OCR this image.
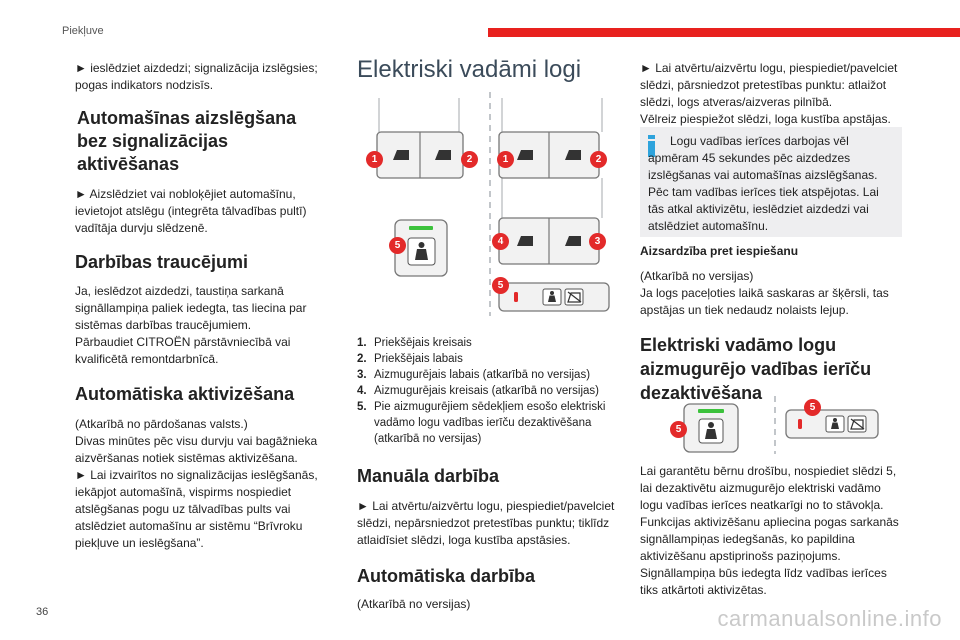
Piekļuve

► ieslēdziet aizdedzi; signalizācija izslēgsies; pogas indikators nodzisīs.

Automašīnas aizslēgšana bez signalizācijas aktivēšanas

► Aizslēdziet vai nobloķējiet automašīnu, ievietojot atslēgu (integrēta tālvadības pultī) vadītāja durvju slēdzenē.

Darbības traucējumi

Ja, ieslēdzot aizdedzi, taustiņa sarkanā signāllampiņa paliek iedegta, tas liecina par sistēmas darbības traucējumiem.
Pārbaudiet CITROËN pārstāvniecībā vai kvalificētā remontdarbnīcā.

Automātiska aktivizēšana

(Atkarībā no pārdošanas valsts.)
Divas minūtes pēc visu durvju vai bagāžnieka aizvēršanas notiek sistēmas aktivizēšana.
► Lai izvairītos no signalizācijas ieslēgšanās, iekāpjot automašīnā, vispirms nospiediet atslēgšanas pogu uz tālvadības pults vai atslēdziet automašīnu ar sistēmu “Brīvroku piekļuve un ieslēgšana”.

Elektriski vadāmi logi
1	2	1	2
5	4	3
5
1. Priekšējais kreisais
2. Priekšējais labais
3. Aizmugurējais labais (atkarībā no versijas)
4. Aizmugurējais kreisais (atkarībā no versijas)
5. Pie aizmugurējiem sēdekļiem esošo elektriski vadāmo logu vadības ierīču dezaktivēšana (atkarībā no versijas)
Manuāla darbība

► Lai atvērtu/aizvērtu logu, piespiediet/pavelciet slēdzi, nepārsniedzot pretestības punktu; tiklīdz atlaidīsiet slēdzi, loga kustība apstāsies.

Automātiska darbība

(Atkarībā no versijas)

► Lai atvērtu/aizvērtu logu, piespiediet/pavelciet slēdzi, pārsniedzot pretestības punktu: atlaižot slēdzi, logs atveras/aizveras pilnībā.
Vēlreiz piespiežot slēdzi, loga kustība apstājas.

Logu vadības ierīces darbojas vēl apmēram 45 sekundes pēc aizdedzes izslēgšanas vai automašīnas aizslēgšanas.
Pēc tam vadības ierīces tiek atspējotas. Lai tās atkal aktivizētu, ieslēdziet aizdedzi vai atslēdziet automašīnu.

Aizsardzība pret iespiešanu

(Atkarībā no versijas)
Ja logs paceļoties laikā saskaras ar šķērsli, tas apstājas un tiek nedaudz nolaists lejup.

Elektriski vadāmo logu aizmugurējo vadības ierīču dezaktivēšana
5
5
Lai garantētu bērnu drošību, nospiediet slēdzi 5, lai dezaktivētu aizmugurējo elektriski vadāmo logu vadības ierīces neatkarīgi no to stāvokļa.
Funkcijas aktivizēšanu apliecina pogas sarkanās signāllampiņas iedegšanās, ko papildina aktivizēšanu apstiprinošs paziņojums.
Signāllampiņa būs iedegta līdz vadības ierīces tiks atkārtoti aktivizētas.
36	carmanualsonline.info
